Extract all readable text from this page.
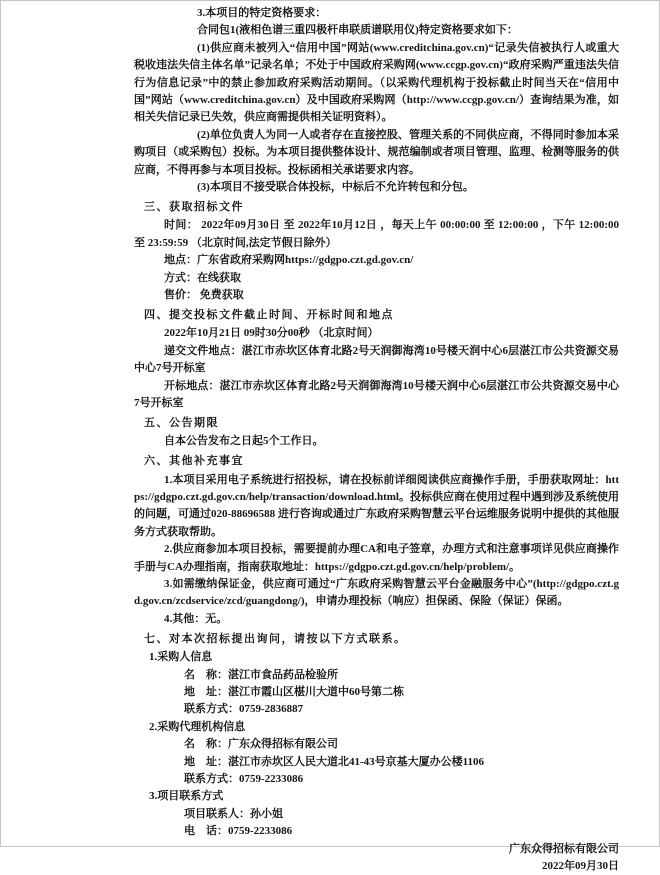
3.本项目的特定资格要求：

合同包1(液相色谱三重四极杆串联质谱联用仪)特定资格要求如下：

(1)供应商未被列入“信用中国”网站(www.creditchina.gov.cn)“记录失信被执行人或重大税收违法失信主体名单”记录名单；不处于中国政府采购网(www.ccgp.gov.cn)“政府采购严重违法失信行为信息记录”中的禁止参加政府采购活动期间。（以采购代理机构于投标截止时间当天在“信用中国”网站（www.creditchina.gov.cn）及中国政府采购网（http://www.ccgp.gov.cn/）查询结果为准，如相关失信记录已失效，供应商需提供相关证明资料）。

(2)单位负责人为同一人或者存在直接控股、管理关系的不同供应商，不得同时参加本采购项目（或采购包）投标。为本项目提供整体设计、规范编制或者项目管理、监理、检测等服务的供应商，不得再参与本项目投标。投标函相关承诺要求内容。

(3)本项目不接受联合体投标，中标后不允许转包和分包。

三、获取招标文件

时间： 2022年09月30日 至 2022年10月12日 ，每天上午 00:00:00 至 12:00:00 ，下午 12:00:00 至 23:59:59 （北京时间,法定节假日除外）

地点：广东省政府采购网https://gdgpo.czt.gd.gov.cn/

方式：在线获取

售价： 免费获取

四、提交投标文件截止时间、开标时间和地点

2022年10月21日 09时30分00秒 （北京时间）

递交文件地点：湛江市赤坎区体育北路2号天润御海湾10号楼天润中心6层湛江市公共资源交易中心7号开标室

开标地点：湛江市赤坎区体育北路2号天润御海湾10号楼天润中心6层湛江市公共资源交易中心7号开标室

五、公告期限

自本公告发布之日起5个工作日。

六、其他补充事宜

1.本项目采用电子系统进行招投标，请在投标前详细阅读供应商操作手册，手册获取网址：https://gdgpo.czt.gd.gov.cn/help/transaction/download.html。投标供应商在使用过程中遇到涉及系统使用的问题，可通过020-88696588 进行咨询或通过广东政府采购智慧云平台运维服务说明中提供的其他服务方式获取帮助。

2.供应商参加本项目投标，需要提前办理CA和电子签章，办理方式和注意事项详见供应商操作手册与CA办理指南，指南获取地址：https://gdgpo.czt.gd.gov.cn/help/problem/。

3.如需缴纳保证金，供应商可通过“广东政府采购智慧云平台金融服务中心”(http://gdgpo.czt.gd.gov.cn/zcdservice/zcd/guangdong/)，申请办理投标（响应）担保函、保险（保证）保函。

4.其他：无。

七、对本次招标提出询问，请按以下方式联系。

1.采购人信息

名　称：湛江市食品药品检验所

地　址：湛江市霞山区椹川大道中60号第二栋

联系方式：0759-2836887

2.采购代理机构信息

名　称：广东众得招标有限公司

地　址：湛江市赤坎区人民大道北41-43号京基大厦办公楼1106

联系方式：0759-2233086

3.项目联系方式

项目联系人：孙小姐

电　话：0759-2233086

广东众得招标有限公司

2022年09月30日
